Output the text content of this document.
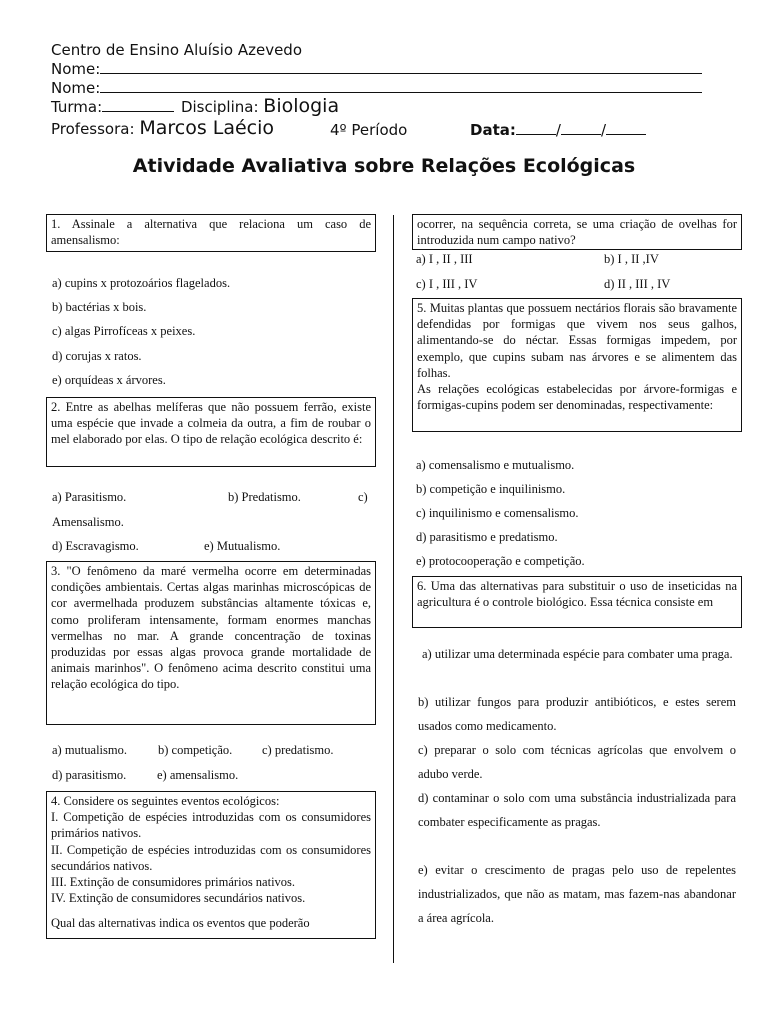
Centro de Ensino Aluísio Azevedo
Nome:
Nome:
Turma:	Disciplina: Biologia
Professora: Marcos Laécio	4º Período	Data:	/	/
Atividade Avaliativa sobre Relações Ecológicas

1. Assinale a alternativa que relaciona um caso de amensalismo:

a) cupins x protozoários flagelados.
b) bactérias x bois.
c) algas Pirrofíceas x peixes.
d) corujas x ratos.
e) orquídeas x árvores.

2. Entre as abelhas melíferas que não possuem ferrão, existe uma espécie que invade a colmeia da outra, a fim de roubar o mel elaborado por elas. O tipo de relação ecológica descrito é:

a) Parasitismo.	b) Predatismo.	c)
Amensalismo.
d) Escravagismo.	e) Mutualismo.

3. "O fenômeno da maré vermelha ocorre em determinadas condições ambientais. Certas algas marinhas microscópicas de cor avermelhada produzem substâncias altamente tóxicas e, como proliferam intensamente, formam enormes manchas vermelhas no mar. A grande concentração de toxinas produzidas por essas algas provoca grande mortalidade de animais marinhos". O fenômeno acima descrito constitui uma relação ecológica do tipo.

a) mutualismo. b) competição. c) predatismo.
d) parasitismo. e) amensalismo.

4. Considere os seguintes eventos ecológicos:

I. Competição de espécies introduzidas com os consumidores primários nativos.

II. Competição de espécies introduzidas com os consumidores secundários nativos.

III. Extinção de consumidores primários nativos.

IV. Extinção de consumidores secundários nativos.

Qual das alternativas indica os eventos que poderão

ocorrer, na sequência correta, se uma criação de ovelhas for introduzida num campo nativo?

a) I , II , III	b) I , II ,IV
c) I , III , IV	d) II , III , IV

5. Muitas plantas que possuem nectários florais são bravamente defendidas por formigas que vivem nos seus galhos, alimentando-se do néctar. Essas formigas impedem, por exemplo, que cupins subam nas árvores e se alimentem das folhas.

As relações ecológicas estabelecidas por árvore-formigas e formigas-cupins podem ser denominadas, respectivamente:

a) comensalismo e mutualismo.
b) competição e inquilinismo.
c) inquilinismo e comensalismo.
d) parasitismo e predatismo.
e) protocooperação e competição.

6. Uma das alternativas para substituir o uso de inseticidas na agricultura é o controle biológico. Essa técnica consiste em

a) utilizar uma determinada espécie para combater uma praga.
b) utilizar fungos para produzir antibióticos, e estes serem usados como medicamento.
c) preparar o solo com técnicas agrícolas que envolvem o adubo verde.
d) contaminar o solo com uma substância industrializada para combater especificamente as pragas.
e) evitar o crescimento de pragas pelo uso de repelentes industrializados, que não as matam, mas fazem-nas abandonar a área agrícola.
